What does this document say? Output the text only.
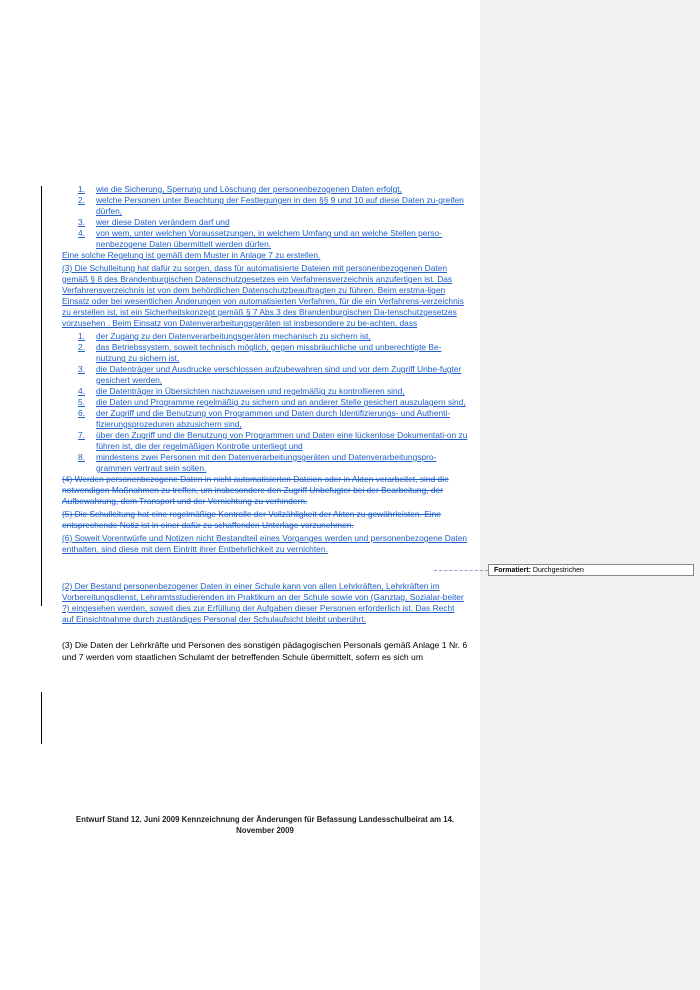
Formatiert: Durchgestrichen
1.	wie die Sicherung, Sperrung und Löschung der personenbezogenen Daten erfolgt,
2.	welche Personen unter Beachtung der Festlegungen in den §§ 9 und 10 auf diese Daten zu-greifen dürfen,
3.	wer diese Daten verändern darf und
4.	von wem, unter welchen Voraussetzungen, in welchem Umfang und an welche Stellen perso-nenbezogene Daten übermittelt werden dürfen.
Eine solche Regelung ist gemäß dem Muster in Anlage 7 zu erstellen.
(3) Die Schulleitung hat dafür zu sorgen, dass für automatisierte Dateien mit personenbezogenen Daten gemäß § 8 des Brandenburgischen Datenschutzgesetzes ein Verfahrensverzeichnis anzufertigen ist. Das Verfahrensverzeichnis ist von dem behördlichen Datenschutzbeauftragten zu führen. Beim erstma-ligen Einsatz oder bei wesentlichen Änderungen von automatisierten Verfahren, für die ein Verfahrens-verzeichnis zu erstellen ist, ist ein Sicherheitskonzept gemäß § 7 Abs.3 des Brandenburgischen Da-tenschutzgesetzes vorzusehen . Beim Einsatz von Datenverarbeitungsgeräten ist insbesondere zu be-achten, dass
1.	der Zugang zu den Datenverarbeitungsgeräten mechanisch zu sichern ist,
2.	das Betriebssystem, soweit technisch möglich, gegen missbräuchliche und unberechtigte Be-nutzung zu sichern ist,
3.	die Datenträger und Ausdrucke verschlossen aufzubewahren sind und vor dem Zugriff Unbe-fugter gesichert werden,
4.	die Datenträger in Übersichten nachzuweisen und regelmäßig zu kontrollieren sind,
5.	die Daten und Programme regelmäßig zu sichern und an anderer Stelle gesichert auszulagern sind,
6.	der Zugriff und die Benutzung von Programmen und Daten durch Identifizierungs- und Authenti-fizierungsprozeduren abzusichern sind,
7.	über den Zugriff und die Benutzung von Programmen und Daten eine lückenlose Dokumentati-on zu führen ist, die der regelmäßigen Kontrolle unterliegt und
8.	mindestens zwei Personen mit den Datenverarbeitungsgeräten und Datenverarbeitungspro-grammen vertraut sein sollen.
(4) Werden personenbezogene Daten in nicht automatisierten Dateien oder in Akten verarbeitet, sind die notwendigen Maßnahmen zu treffen, um insbesondere den Zugriff Unbefugter bei der Bearbeitung, der Aufbewahrung, dem Transport und der Vernichtung zu verhindern.
(5) Die Schulleitung hat eine regelmäßige Kontrolle der Vollzähligkeit der Akten zu gewährleisten. Eine entsprechende Notiz ist in einer dafür zu schaffenden Unterlage vorzunehmen.
(6) Soweit Vorentwürfe und Notizen nicht Bestandteil eines Vorganges werden und personenbezogene Daten enthalten, sind diese mit dem Eintritt ihrer Entbehrlichkeit zu vernichten.
(2) Der Bestand personenbezogener Daten in einer Schule kann von allen Lehrkräften, Lehrkräften im Vorbereitungsdienst, Lehramtsstudierenden im Praktikum an der Schule sowie von (Ganztag, Sozialar-beiter ?) eingesehen werden, soweit dies zur Erfüllung der Aufgaben dieser Personen erforderlich ist. Das Recht auf Einsichtnahme durch zuständiges Personal der Schulaufsicht bleibt unberührt.
(3) Die Daten der Lehrkräfte und Personen des sonstigen pädagogischen Personals gemäß Anlage 1 Nr. 6 und 7 werden vom staatlichen Schulamt der betreffenden Schule übermittelt, sofern es sich um
Entwurf Stand 12. Juni 2009 Kennzeichnung der Änderungen für Befassung Landesschulbeirat am 14. November 2009
